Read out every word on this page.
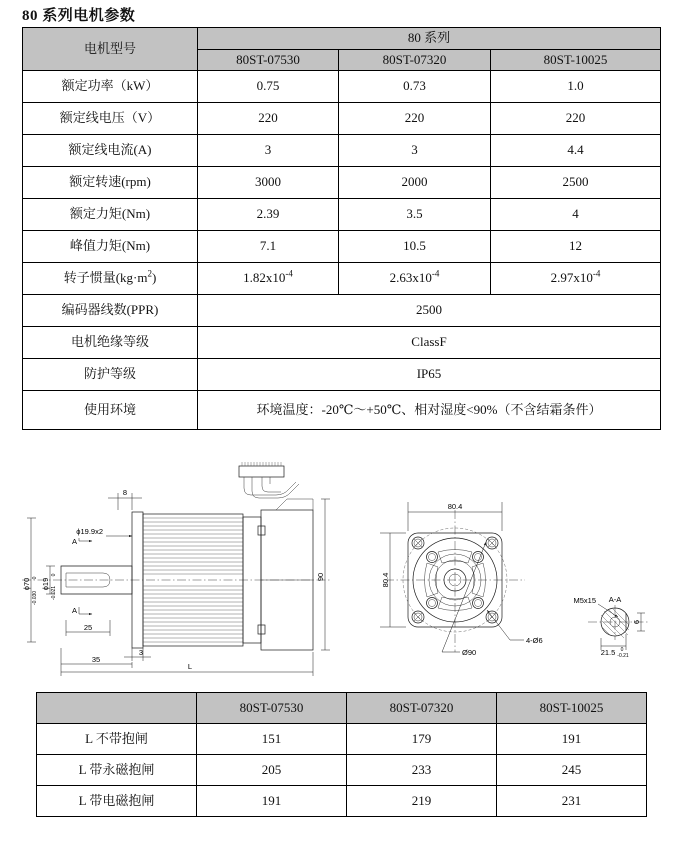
80 系列电机参数
电机型号	80 系列		
	80ST-07530	80ST-07320	80ST-10025
额定功率（kW）	0.75	0.73	1.0
额定线电压（V）	220	220	220
额定线电流(A)	3	3	4.4
额定转速(rpm)	3000	2000	2500
额定力矩(Nm)	2.39	3.5	4
峰值力矩(Nm)	7.1	10.5	12
转子惯量$(kg\cdot m^2)$	$1.82x10^{-4}$	$2.63x10^{-4}$	$2.97x10^{-4}$
编码器线数(PPR)	2500		
电机绝缘等级	ClassF		
防护等级	IP65		
使用环境	环境温度：-20℃～+50℃、相对湿度<90%（不含结霜条件）		
8
ϕ19.9x2
ϕ70 0
-0.030
ϕ19
0
-0.021
A
A
25
3
35
90
L
80.4
80.4
Ø90
4-Ø6
A-A
M5x15
6
21.5 0
-0.21
	80ST-07530	80ST-07320	80ST-10025
L 不带抱闸	151	179	191
L 带永磁抱闸	205	233	245
L 带电磁抱闸	191	219	231
